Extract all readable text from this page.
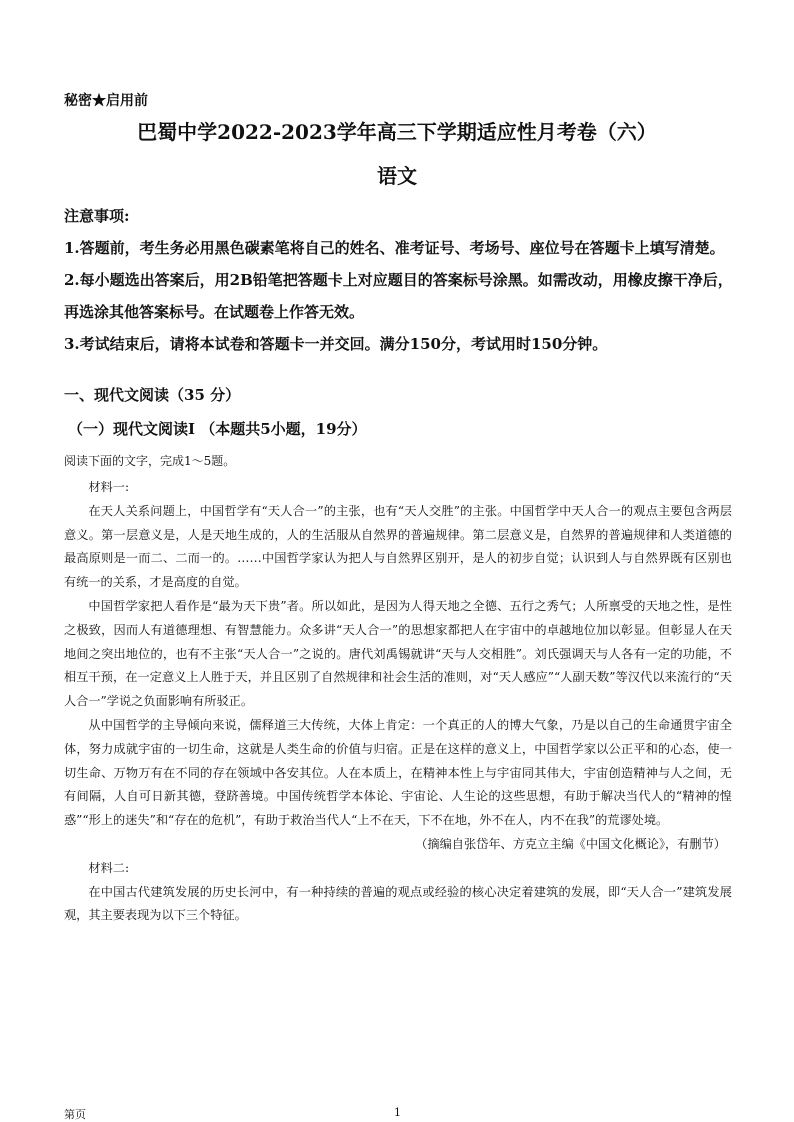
秘密★启用前
巴蜀中学2022-2023学年高三下学期适应性月考卷（六）
语文

注意事项:

1.答题前，考生务必用黑色碳素笔将自己的姓名、准考证号、考场号、座位号在答题卡上填写清楚。

2.每小题选出答案后，用2B铅笔把答题卡上对应题目的答案标号涂黑。如需改动，用橡皮擦干净后，再选涂其他答案标号。在试题卷上作答无效。

3.考试结束后，请将本试卷和答题卡一并交回。满分150分，考试用时150分钟。

一、现代文阅读（35 分）
（一）现代文阅读Ⅰ （本题共5小题，19分）
阅读下面的文字，完成1～5题。

材料一:

在天人关系问题上，中国哲学有“天人合一”的主张，也有“天人交胜”的主张。中国哲学中天人合一的观点主要包含两层意义。第一层意义是，人是天地生成的，人的生活服从自然界的普遍规律。第二层意义是，自然界的普遍规律和人类道德的最高原则是一而二、二而一的。……中国哲学家认为把人与自然界区别开，是人的初步自觉；认识到人与自然界既有区别也有统一的关系，才是高度的自觉。

中国哲学家把人看作是“最为天下贵”者。所以如此，是因为人得天地之全德、五行之秀气；人所禀受的天地之性，是性之极致，因而人有道德理想、有智慧能力。众多讲“天人合一”的思想家都把人在宇宙中的卓越地位加以彰显。但彰显人在天地间之突出地位的，也有不主张“天人合一”之说的。唐代刘禹锡就讲“天与人交相胜”。刘氏强调天与人各有一定的功能，不相互干预，在一定意义上人胜于天，并且区别了自然规律和社会生活的准则，对“天人感应”“人副天数”等汉代以来流行的“天人合一”学说之负面影响有所驳正。

从中国哲学的主导倾向来说，儒释道三大传统，大体上肯定：一个真正的人的博大气象，乃是以自己的生命通贯宇宙全体，努力成就宇宙的一切生命，这就是人类生命的价值与归宿。正是在这样的意义上，中国哲学家以公正平和的心态，使一切生命、万物万有在不同的存在领域中各安其位。人在本质上，在精神本性上与宇宙同其伟大，宇宙创造精神与人之间，无有间隔，人自可日新其德，登跻善境。中国传统哲学本体论、宇宙论、人生论的这些思想，有助于解决当代人的“精神的惶惑”“形上的迷失”和“存在的危机”，有助于救治当代人“上不在天，下不在地，外不在人，内不在我”的荒谬处境。

（摘编自张岱年、方克立主编《中国文化概论》，有删节）

材料二:

在中国古代建筑发展的历史长河中，有一种持续的普遍的观点或经验的核心决定着建筑的发展，即“天人合一”建筑发展观，其主要表现为以下三个特征。

第页	1
